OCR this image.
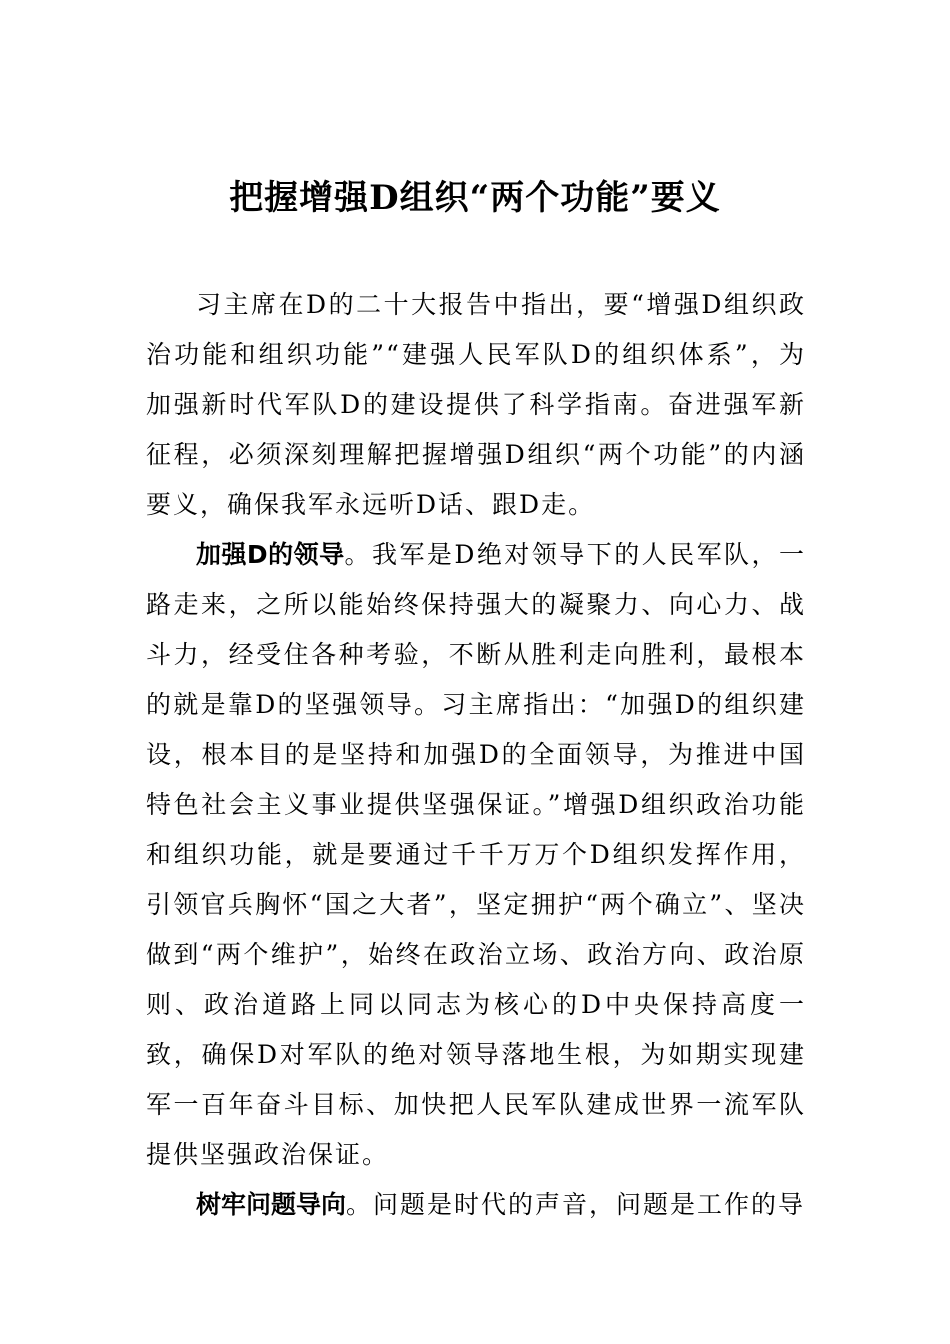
把握增强D组织“两个功能”要义

习主席在D的二十大报告中指出，要“增强D组织政治功能和组织功能”“建强人民军队D的组织体系”，为加强新时代军队D的建设提供了科学指南。奋进强军新征程，必须深刻理解把握增强D组织“两个功能”的内涵要义，确保我军永远听D话、跟D走。

加强D的领导。我军是D绝对领导下的人民军队，一路走来，之所以能始终保持强大的凝聚力、向心力、战斗力，经受住各种考验，不断从胜利走向胜利，最根本的就是靠D的坚强领导。习主席指出：“加强D的组织建设，根本目的是坚持和加强D的全面领导，为推进中国特色社会主义事业提供坚强保证。”增强D组织政治功能和组织功能，就是要通过千千万万个D组织发挥作用，引领官兵胸怀“国之大者”，坚定拥护“两个确立”、坚决做到“两个维护”，始终在政治立场、政治方向、政治原则、政治道路上同以同志为核心的D中央保持高度一致，确保D对军队的绝对领导落地生根，为如期实现建军一百年奋斗目标、加快把人民军队建成世界一流军队提供坚强政治保证。

树牢问题导向。问题是时代的声音，问题是工作的导
